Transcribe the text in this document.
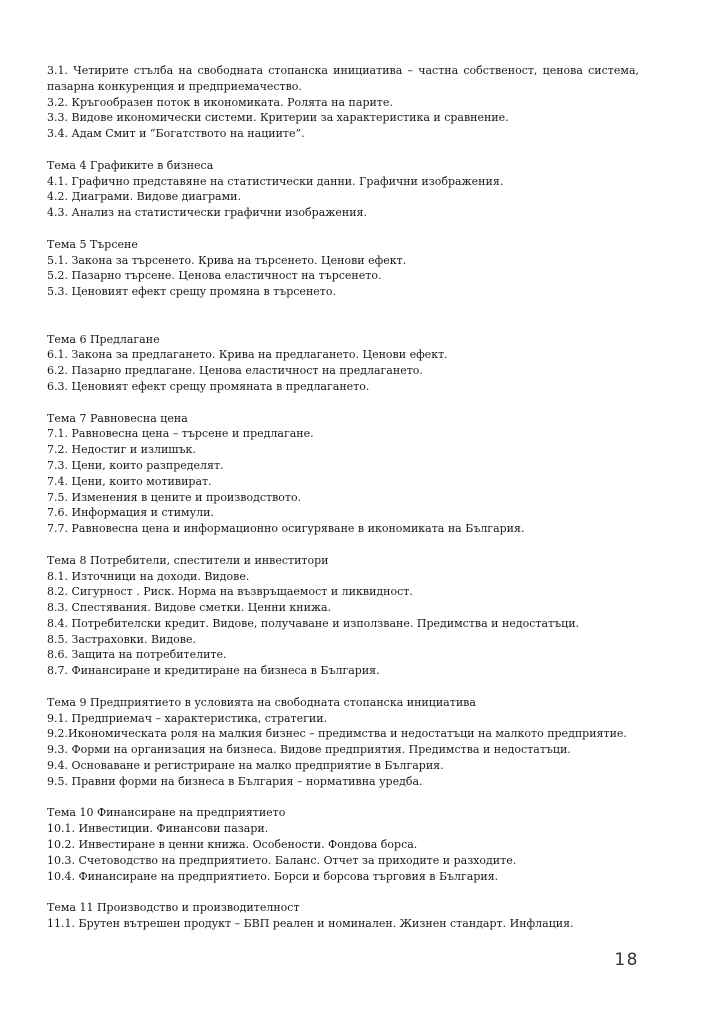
3.1. Четирите стълба на свободната стопанска инициатива – частна собственост, ценова система,
пазарна конкуренция и предприемачество.
3.2. Кръгообразен поток в икономиката. Ролята на парите.
3.3. Видове икономически системи. Критерии за характеристика и сравнение.
3.4. Адам Смит и “Богатството на нациите”.
Тема 4 Графиките в бизнеса
4.1. Графично представяне на статистически данни. Графични изображения.
4.2. Диаграми. Видове диаграми.
4.3. Анализ на статистически графични изображения.
Тема 5 Търсене
5.1. Закона за търсенето. Крива на търсенето. Ценови ефект.
5.2. Пазарно търсене. Ценова еластичност на търсенето.
5.3. Ценовият ефект срещу промяна в търсенето.
Тема 6 Предлагане
6.1. Закона за предлагането. Крива на предлагането. Ценови ефект.
6.2. Пазарно предлагане. Ценова еластичност на предлагането.
6.3. Ценовият ефект срещу промяната в предлагането.
Тема 7 Равновесна цена
7.1. Равновесна цена – търсене и предлагане.
7.2. Недостиг и излишък.
7.3. Цени, които разпределят.
7.4. Цени, които мотивират.
7.5. Изменения в цените и производството.
7.6. Информация и стимули.
7.7. Равновесна цена и информационно осигуряване в икономиката на България.
Тема 8 Потребители, спестители и инвеститори
8.1. Източници на доходи. Видове.
8.2. Сигурност . Риск. Норма на възвръщаемост и ликвидност.
8.3. Спестявания. Видове сметки. Ценни книжа.
8.4. Потребителски кредит. Видове, получаване и използване. Предимства и недостатъци.
8.5. Застраховки. Видове.
8.6. Защита на потребителите.
8.7. Финансиране и кредитиране на бизнеса в България.
Тема 9 Предприятието в условията на свободната стопанска инициатива
9.1. Предприемач – характеристика, стратегии.
9.2.Икономическата роля на малкия бизнес – предимства и недостатъци на малкото предприятие.
9.3. Форми на организация на бизнеса. Видове предприятия. Предимства и недостатъци.
9.4. Основаване и регистриране на малко предприятие в България.
9.5. Правни форми на бизнеса в България – нормативна уредба.
Тема 10 Финансиране на предприятието
10.1. Инвестиции. Финансови пазари.
10.2. Инвестиране в ценни книжа. Особености. Фондова борса.
10.3. Счетоводство на предприятието. Баланс. Отчет за приходите и разходите.
10.4. Финансиране на предприятието. Борси и борсова търговия в България.
Тема 11 Производство и производителност
11.1. Брутен вътрешен продукт – БВП реален и номинален. Жизнен стандарт. Инфлация.
18
